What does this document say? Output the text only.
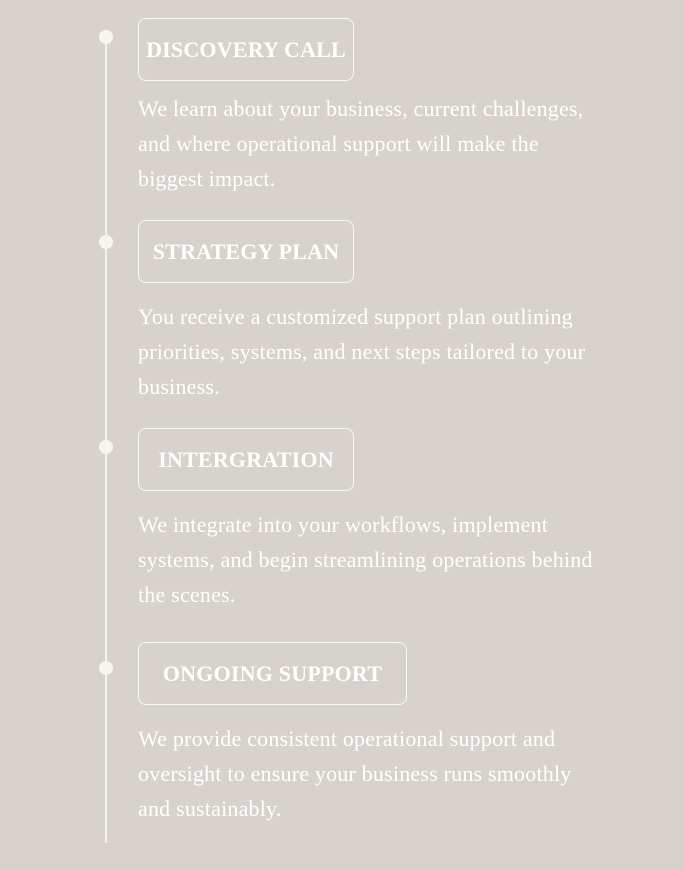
DISCOVERY CALL

We learn about your business, current challenges, and where operational support will make the biggest impact.

STRATEGY PLAN

You receive a customized support plan outlining priorities, systems, and next steps tailored to your business.

INTERGRATION

We integrate into your workflows, implement systems, and begin streamlining operations behind the scenes.

ONGOING SUPPORT

We provide consistent operational support and oversight to ensure your business runs smoothly and sustainably.
